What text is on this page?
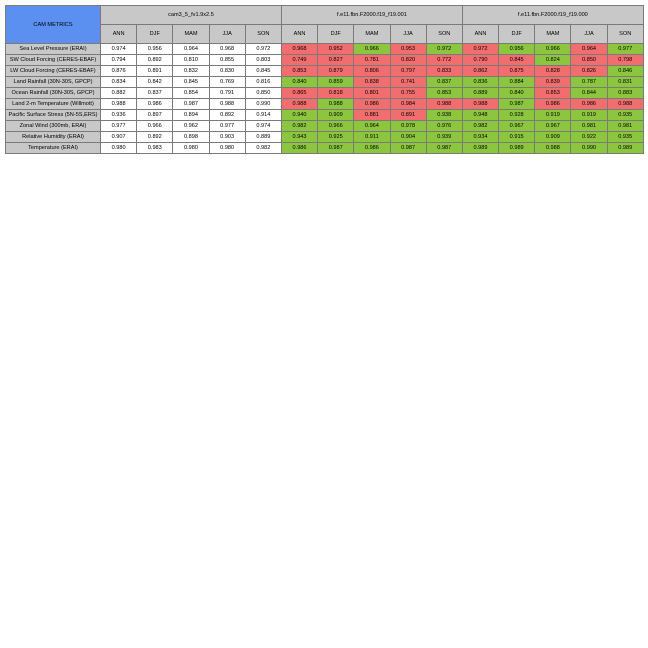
CAM METRICS	cam3_5_fv1.9x2.5					f.e11.fbn.F2000.f19_f19.001					f.e11.fbn.F2000.f19_f19.000				
	ANN	DJF	MAM	JJA	SON	ANN	DJF	MAM	JJA	SON	ANN	DJF	MAM	JJA	SON
Sea Level Pressure (ERAI)	0.974	0.956	0.964	0.968	0.972	0.968	0.952	0.966	0.953	0.972	0.972	0.956	0.966	0.964	0.977
SW Cloud Forcing (CERES-EBAF)	0.794	0.892	0.810	0.855	0.803	0.749	0.827	0.781	0.820	0.772	0.790	0.845	0.824	0.850	0.798
LW Cloud Forcing (CERES-EBAF)	0.876	0.891	0.832	0.830	0.845	0.853	0.879	0.806	0.797	0.833	0.862	0.875	0.828	0.826	0.846
Land Rainfall (30N-30S, GPCP)	0.834	0.842	0.845	0.769	0.816	0.840	0.859	0.838	0.741	0.837	0.836	0.884	0.839	0.787	0.831
Ocean Rainfall (30N-30S, GPCP)	0.882	0.837	0.854	0.791	0.850	0.865	0.818	0.801	0.755	0.853	0.889	0.840	0.853	0.844	0.883
Land 2-m Temperature (Willmott)	0.988	0.986	0.987	0.988	0.990	0.988	0.988	0.986	0.984	0.988	0.988	0.987	0.986	0.986	0.988
Pacific Surface Stress (5N-5S,ERS)	0.936	0.897	0.894	0.892	0.914	0.940	0.909	0.881	0.891	0.938	0.948	0.928	0.919	0.919	0.935
Zonal Wind (300mb, ERAI)	0.977	0.966	0.962	0.977	0.974	0.982	0.966	0.964	0.978	0.976	0.982	0.967	0.967	0.981	0.981
Relative Humidity (ERAI)	0.907	0.892	0.898	0.903	0.889	0.943	0.925	0.911	0.904	0.939	0.934	0.915	0.909	0.922	0.935
Temperature (ERAI)	0.980	0.983	0.980	0.980	0.982	0.986	0.987	0.986	0.987	0.987	0.989	0.989	0.988	0.990	0.989
